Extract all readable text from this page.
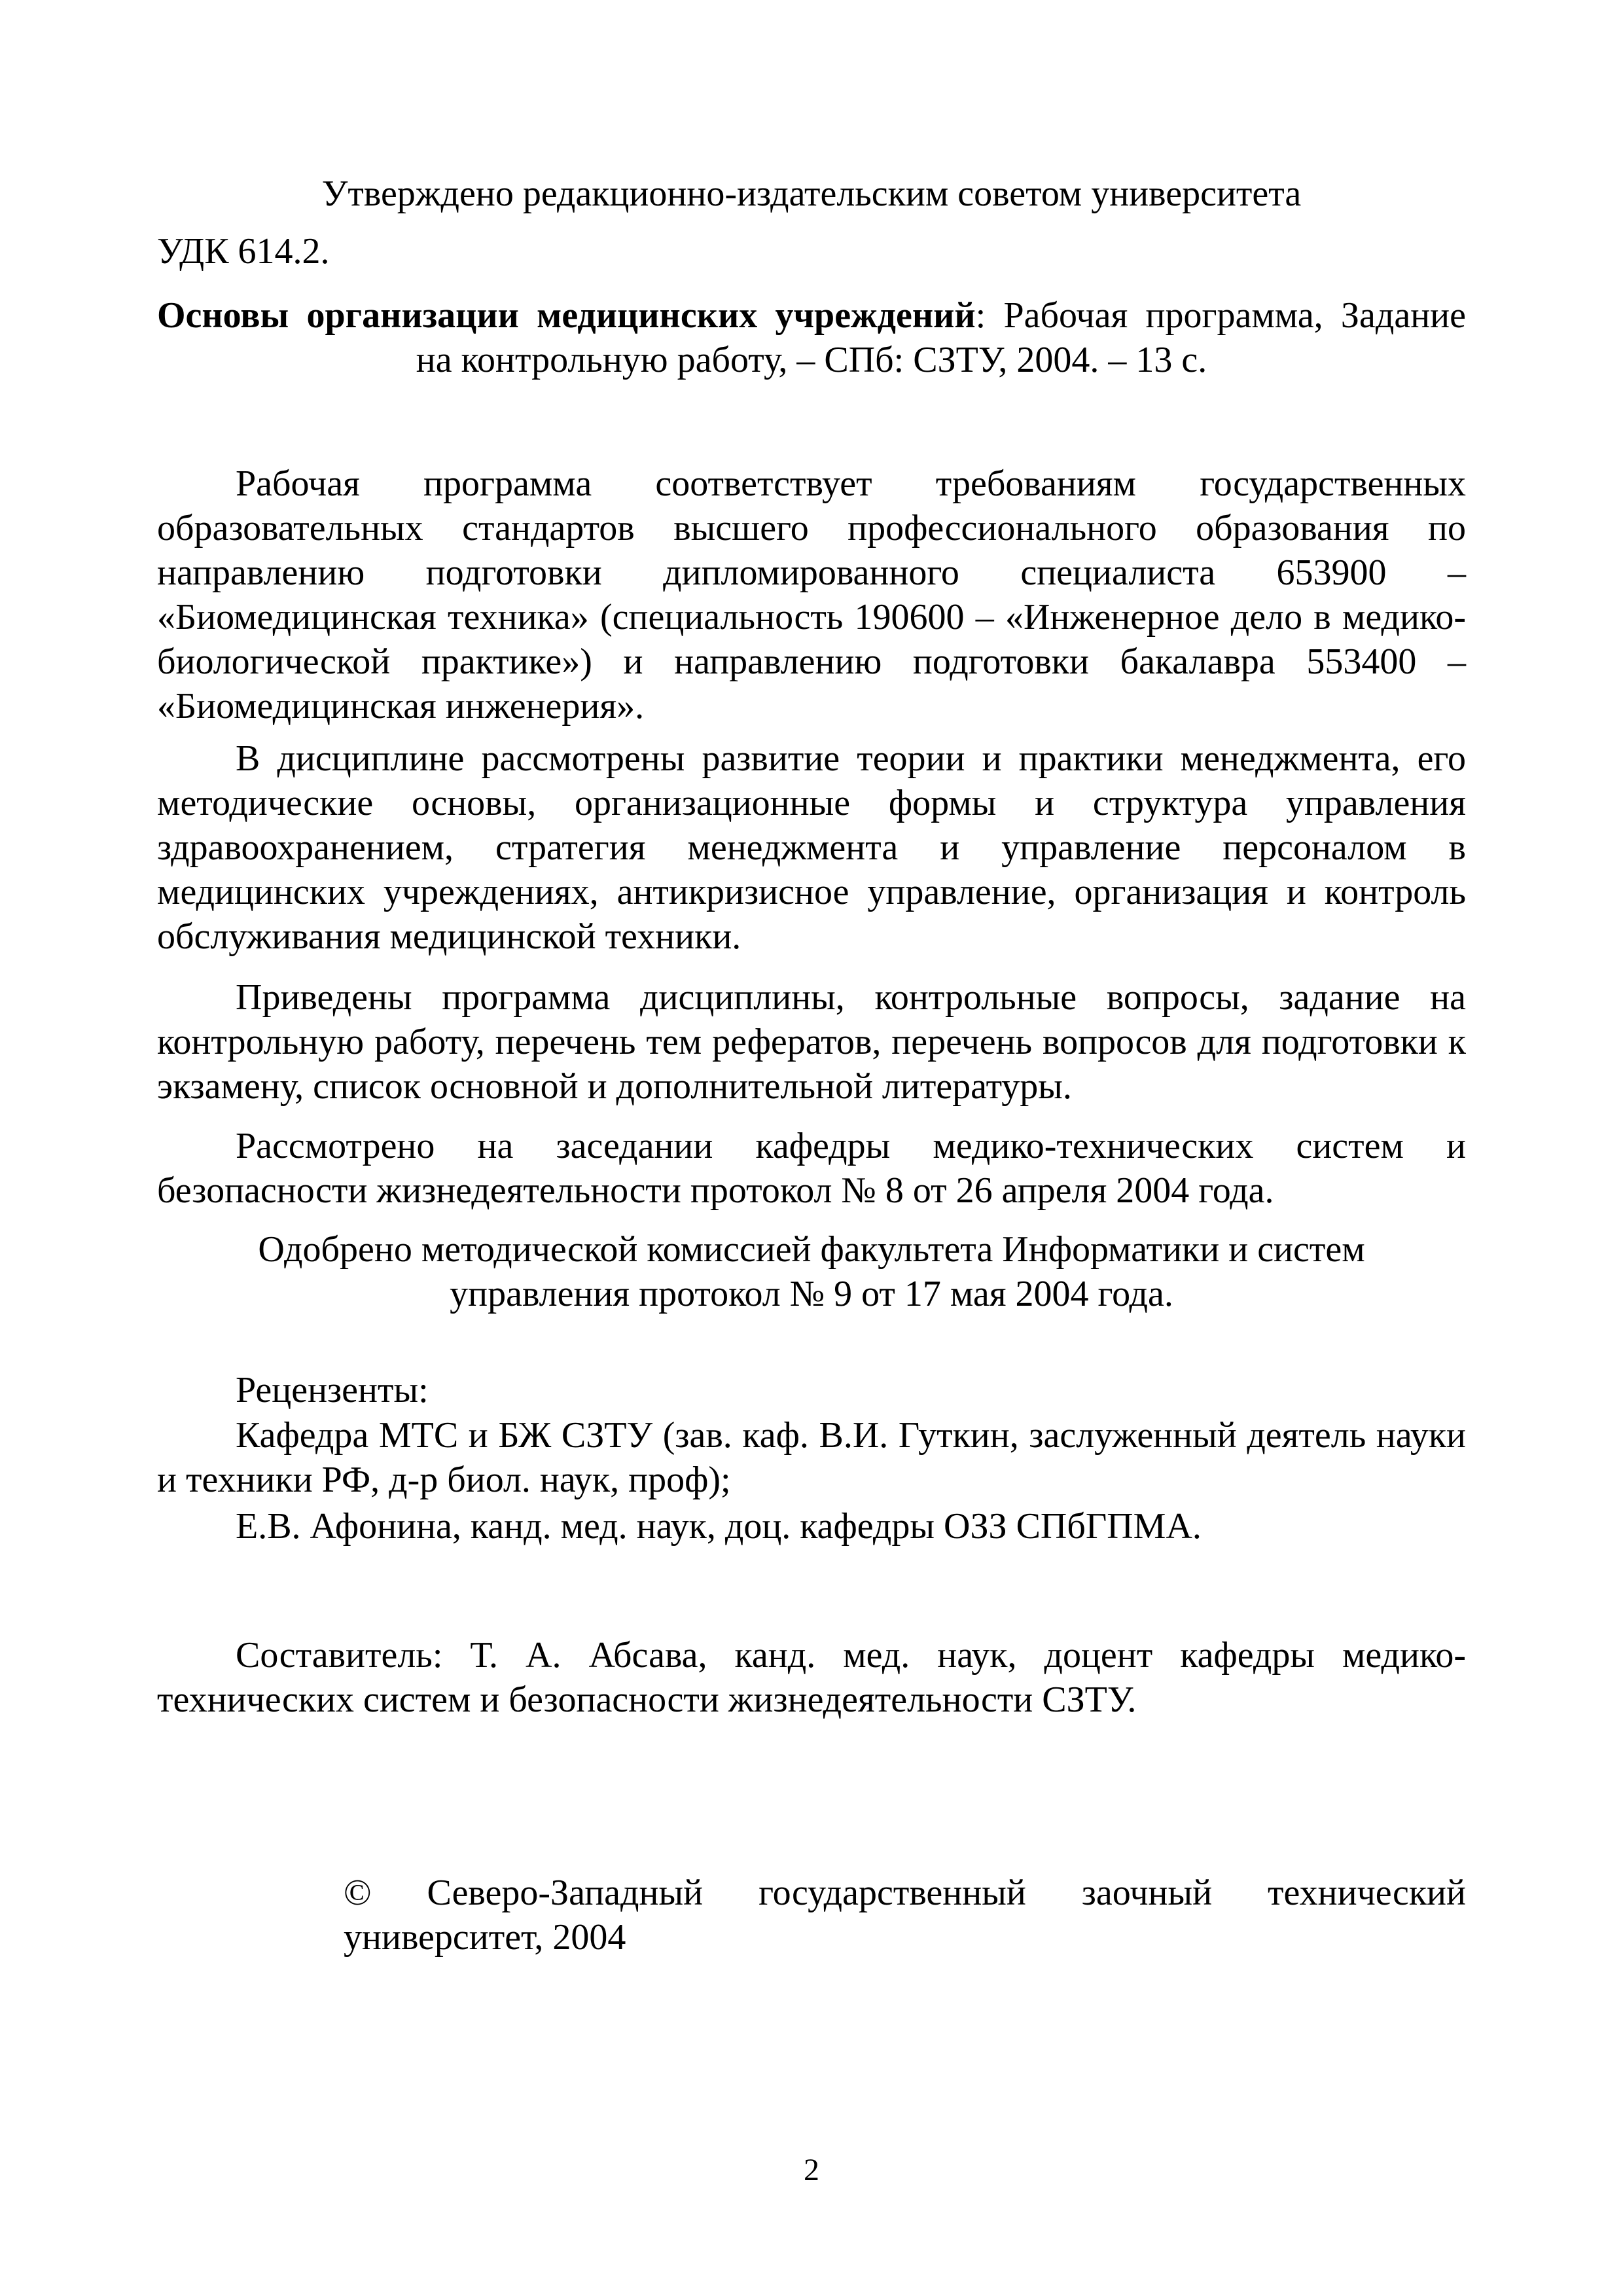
Утверждено редакционно-издательским советом университета

УДК 614.2.

Основы организации медицинских учреждений: Рабочая программа, Задание
на контрольную работу, – СПб: СЗТУ, 2004. – 13 с.

Рабочая программа соответствует требованиям государственных образовательных стандартов высшего профессионального образования по направлению подготовки дипломированного специалиста 653900 – «Биомедицинская техника» (специальность 190600 – «Инженерное дело в медико-биологической практике») и направлению подготовки бакалавра 553400 – «Биомедицинская инженерия».

В дисциплине рассмотрены развитие теории и практики менеджмента, его методические основы, организационные формы и структура управления здравоохранением, стратегия менеджмента и управление персоналом в медицинских учреждениях, антикризисное управление, организация и контроль обслуживания медицинской техники.

Приведены программа дисциплины, контрольные вопросы, задание на контрольную работу, перечень тем рефератов, перечень вопросов для подготовки к экзамену, список основной и дополнительной литературы.

Рассмотрено на заседании кафедры медико-технических систем и безопасности жизнедеятельности протокол № 8 от 26 апреля 2004 года.

Одобрено методической комиссией факультета Информатики и систем
управления протокол № 9 от 17 мая 2004 года.

Рецензенты:

Кафедра МТС и БЖ СЗТУ (зав. каф. В.И. Гуткин, заслуженный деятель науки и техники РФ, д-р биол. наук, проф);

Е.В. Афонина, канд. мед. наук, доц. кафедры ОЗЗ СПбГПМА.

Составитель: Т. А. Абсава, канд. мед. наук, доцент кафедры медико-технических систем и безопасности жизнедеятельности СЗТУ.

© Северо-Западный государственный заочный технический университет, 2004

2
